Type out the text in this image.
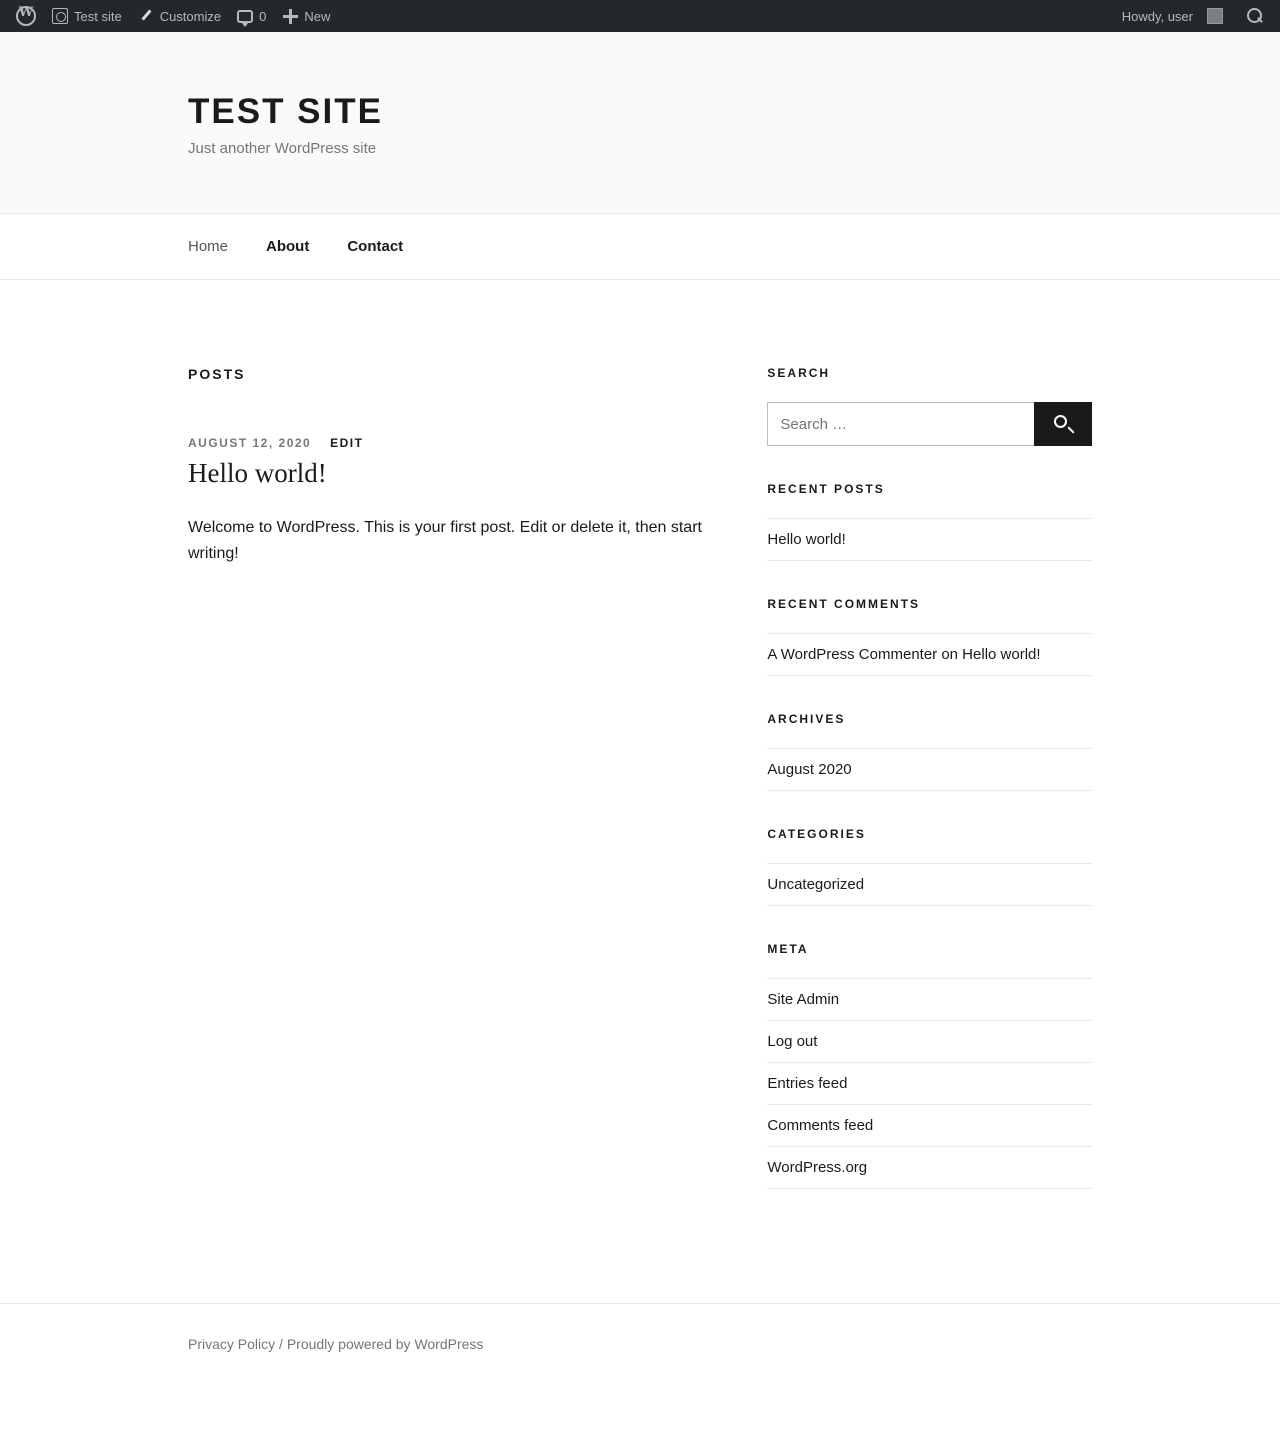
W
Test site	Customize	0	New	Howdy, user
TEST SITE

Just another WordPress site

Home	About	Contact
POSTS
AUGUST 12, 2020 EDIT
Hello world!

Welcome to WordPress. This is your first post. Edit or delete it, then start writing!

SEARCH
Search …
RECENT POSTS
Hello world!
RECENT COMMENTS
A WordPress Commenter on Hello world!
ARCHIVES
August 2020
CATEGORIES
Uncategorized
META
Site Admin
Log out
Entries feed
Comments feed
WordPress.org
Privacy Policy / Proudly powered by WordPress
